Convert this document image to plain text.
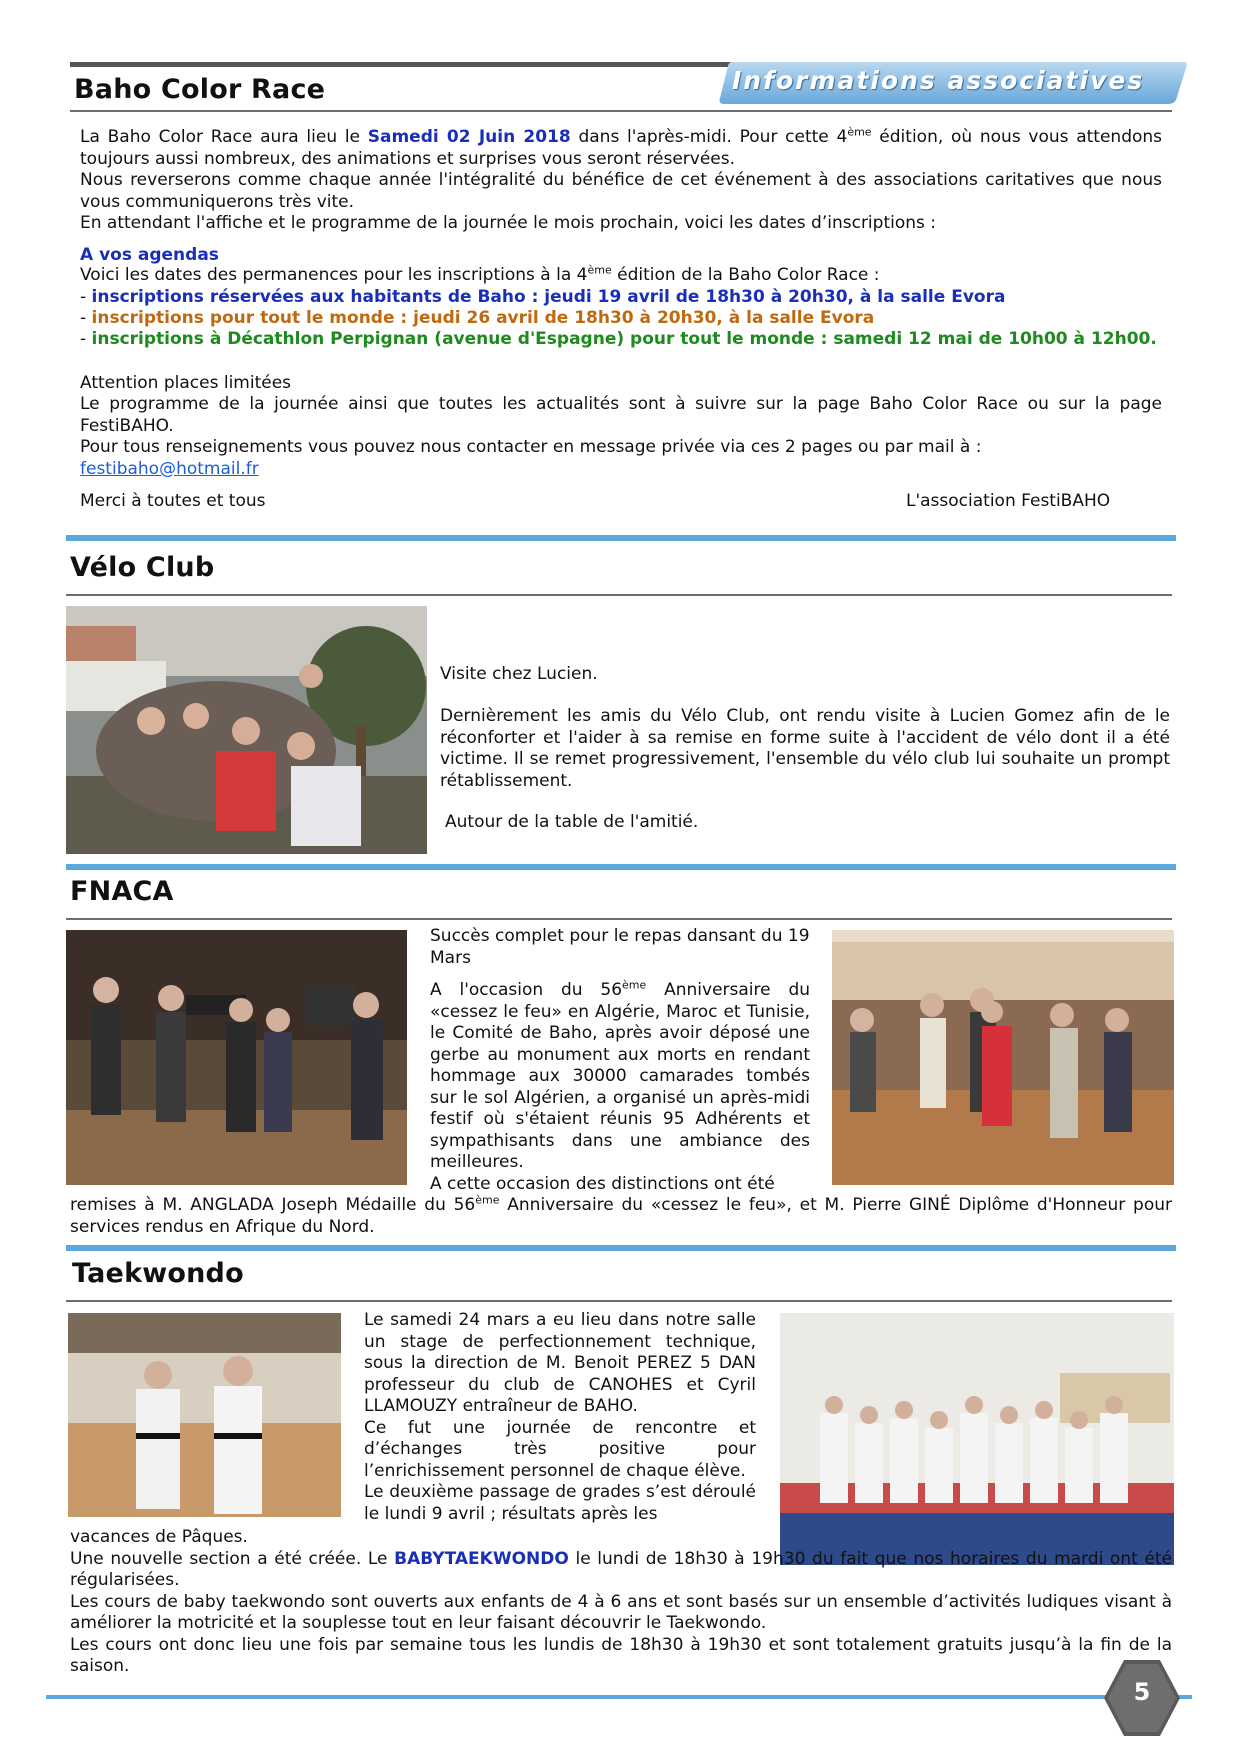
Informations associatives
Baho Color Race
La Baho Color Race aura lieu le Samedi 02 Juin 2018 dans l'après-midi. Pour cette 4ème édition, où nous vous attendons toujours aussi nombreux, des animations et surprises vous seront réservées.
Nous reverserons comme chaque année l'intégralité du bénéfice de cet événement à des associations caritatives que nous vous communiquerons très vite.
En attendant l'affiche et le programme de la journée le mois prochain, voici les dates d’inscriptions :
A vos agendas
Voici les dates des permanences pour les inscriptions à la 4ème édition de la Baho Color Race :
- inscriptions réservées aux habitants de Baho : jeudi 19 avril de 18h30 à 20h30, à la salle Evora
- inscriptions pour tout le monde : jeudi 26 avril de 18h30 à 20h30, à la salle Evora
- inscriptions à Décathlon Perpignan (avenue d'Espagne) pour tout le monde : samedi 12 mai de 10h00 à 12h00.
Attention places limitées
Le programme de la journée ainsi que toutes les actualités sont à suivre sur la page Baho Color Race ou sur la page FestiBAHO.
Pour tous renseignements vous pouvez nous contacter en message privée via ces 2 pages ou par mail à :
festibaho@hotmail.fr
Merci à toutes et tous	L'association FestiBAHO
Vélo Club
Visite chez Lucien.
Dernièrement les amis du Vélo Club, ont rendu visite à Lucien Gomez afin de le réconforter et l'aider à sa remise en forme suite à l'accident de vélo dont il a été victime. Il se remet progressivement, l'ensemble du vélo club lui souhaite un prompt rétablissement.
Autour de la table de l'amitié.
FNACA
Succès complet pour le repas dansant du 19 Mars
A l'occasion du 56ème Anniversaire du «cessez le feu» en Algérie, Maroc et Tunisie, le Comité de Baho, après avoir déposé une gerbe au monument aux morts en rendant hommage aux 30000 camarades tombés sur le sol Algérien, a organisé un après-midi festif où s'étaient réunis 95 Adhérents et sympathisants dans une ambiance des meilleures.
A cette occasion des distinctions ont été
remises à M. ANGLADA Joseph Médaille du 56ème Anniversaire du «cessez le feu», et M. Pierre GINÉ Diplôme d'Honneur pour services rendus en Afrique du Nord.
Taekwondo
Le samedi 24 mars a eu lieu dans notre salle un stage de perfectionnement technique, sous la direction de M. Benoit PEREZ 5 DAN professeur du club de CANOHES et Cyril LLAMOUZY entraîneur de BAHO.
Ce fut une journée de rencontre et d’échanges très positive pour l’enrichissement personnel de chaque élève.
Le deuxième passage de grades s’est déroulé le lundi 9 avril ; résultats après les
vacances de Pâques.
Une nouvelle section a été créée. Le BABYTAEKWONDO le lundi de 18h30 à 19h30 du fait que nos horaires du mardi ont été régularisées.
Les cours de baby taekwondo sont ouverts aux enfants de 4 à 6 ans et sont basés sur un ensemble d’activités ludiques visant à améliorer la motricité et la souplesse tout en leur faisant découvrir le Taekwondo.
Les cours ont donc lieu une fois par semaine tous les lundis de 18h30 à 19h30 et sont totalement gratuits jusqu’à la fin de la saison.
5
